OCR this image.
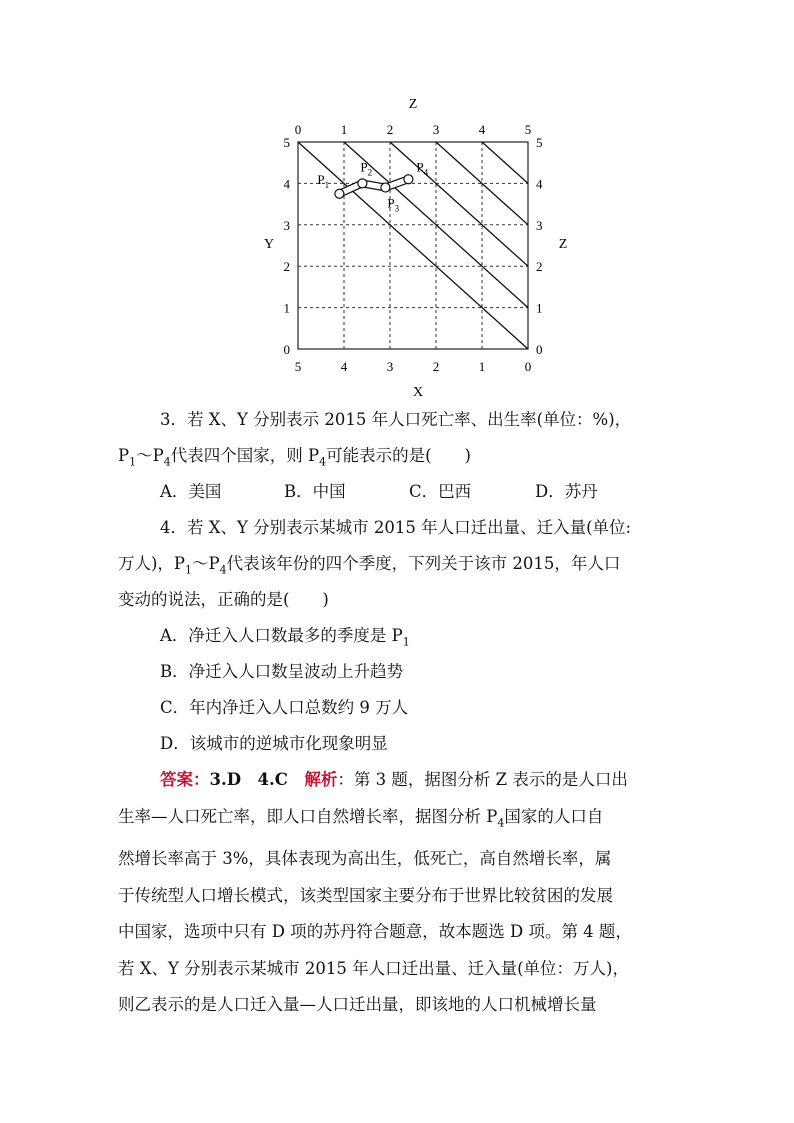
Z
Y	Z
X
0	1	2	3	4	5
5	4	3	2	1	0
5
4
3
2
1
0
5
4
3
2
1
0
$P_1$
$P_2$
$P_3$
$P_4$
3．若 X、Y 分别表示 2015 年人口死亡率、出生率(单位：%)，
$P_1\sim P_4$代表四个国家，则 $P_4$可能表示的是(　　)
A．美国	B．中国	C．巴西	D．苏丹
4．若 X、Y 分别表示某城市 2015 年人口迁出量、迁入量(单位:
万人)，$P_1\sim P_4$代表该年份的四个季度，下列关于该市 2015，年人口
变动的说法，正确的是(　　)
A．净迁入人口数最多的季度是 $P_1$
B．净迁入人口数呈波动上升趋势
C．年内净迁入人口总数约 9 万人
D．该城市的逆城市化现象明显
答案：3.D　4.C　 解析：第 3 题，据图分析 Z 表示的是人口出
生率—人口死亡率，即人口自然增长率，据图分析 $P_4$国家的人口自
然增长率高于 3%，具体表现为高出生，低死亡，高自然增长率，属
于传统型人口增长模式，该类型国家主要分布于世界比较贫困的发展
中国家，选项中只有 D 项的苏丹符合题意，故本题选 D 项。第 4 题，
若 X、Y 分别表示某城市 2015 年人口迁出量、迁入量(单位：万人)，
则乙表示的是人口迁入量—人口迁出量，即该地的人口机械增长量
